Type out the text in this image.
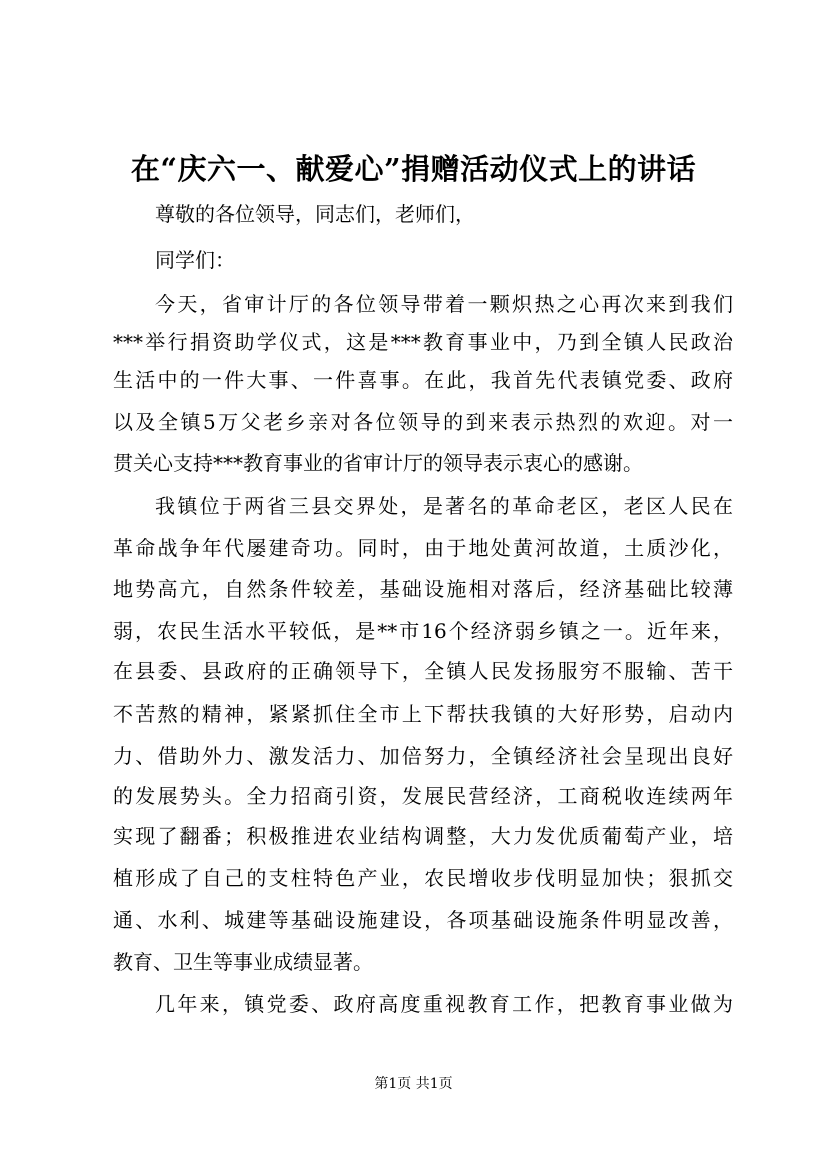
在“庆六一、献爱心”捐赠活动仪式上的讲话
尊敬的各位领导，同志们，老师们，
同学们：
今天，省审计厅的各位领导带着一颗炽热之心再次来到我们
***举行捐资助学仪式，这是***教育事业中，乃到全镇人民政治
生活中的一件大事、一件喜事。在此，我首先代表镇党委、政府
以及全镇5万父老乡亲对各位领导的到来表示热烈的欢迎。对一
贯关心支持***教育事业的省审计厅的领导表示衷心的感谢。
我镇位于两省三县交界处，是著名的革命老区，老区人民在
革命战争年代屡建奇功。同时，由于地处黄河故道，土质沙化，
地势高亢，自然条件较差，基础设施相对落后，经济基础比较薄
弱，农民生活水平较低，是**市16个经济弱乡镇之一。近年来，
在县委、县政府的正确领导下，全镇人民发扬服穷不服输、苦干
不苦熬的精神，紧紧抓住全市上下帮扶我镇的大好形势，启动内
力、借助外力、激发活力、加倍努力，全镇经济社会呈现出良好
的发展势头。全力招商引资，发展民营经济，工商税收连续两年
实现了翻番；积极推进农业结构调整，大力发优质葡萄产业，培
植形成了自己的支柱特色产业，农民增收步伐明显加快；狠抓交
通、水利、城建等基础设施建设，各项基础设施条件明显改善，
教育、卫生等事业成绩显著。
几年来，镇党委、政府高度重视教育工作，把教育事业做为
第1页 共1页
